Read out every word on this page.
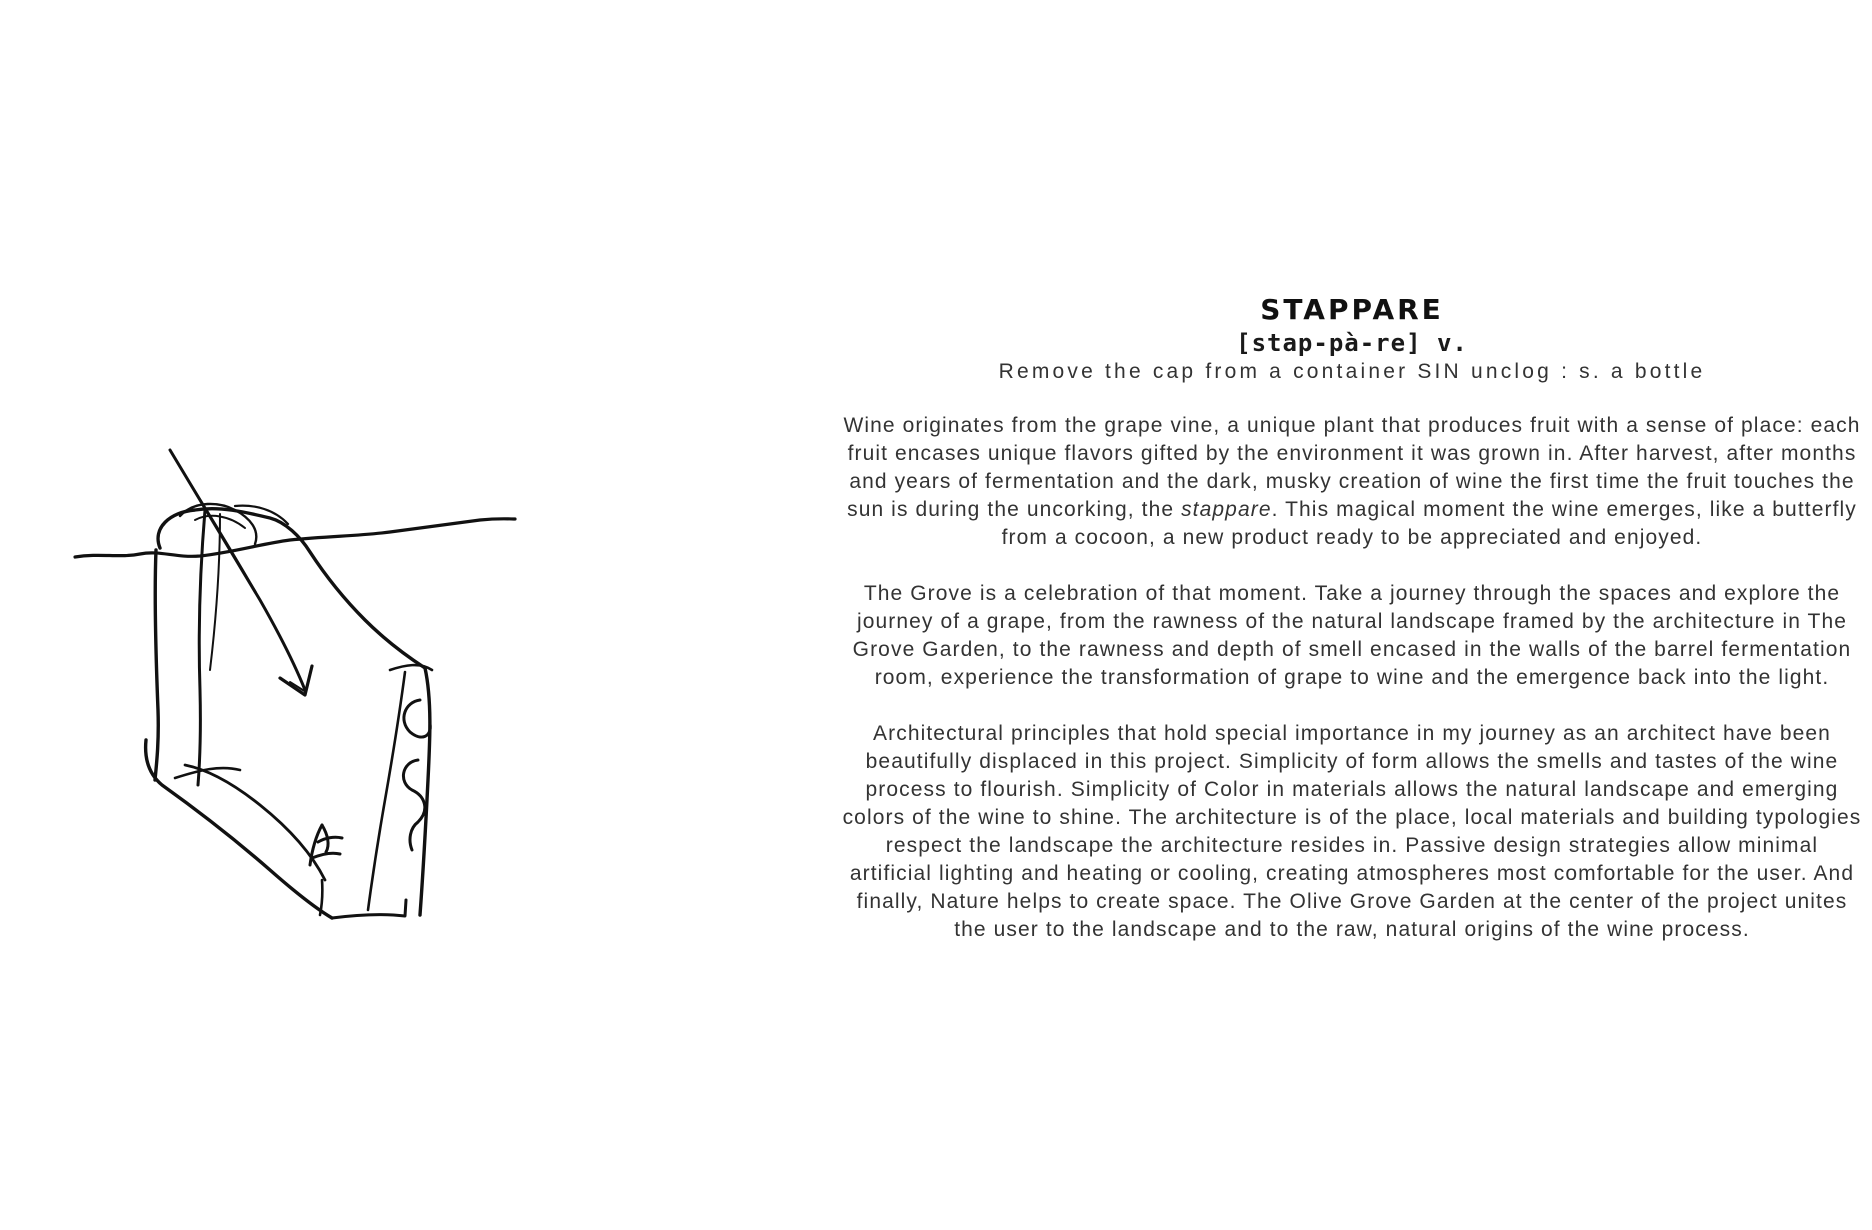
STAPPARE

[stap-pà-re] v.

Remove the cap from a container SIN unclog : s. a bottle

Wine originates from the grape vine, a unique plant that produces fruit with a sense of place: each fruit encases unique flavors gifted by the environment it was grown in. After harvest, after months and years of fermentation and the dark, musky creation of wine the first time the fruit touches the sun is during the uncorking, the stappare. This magical moment the wine emerges, like a butterfly from a cocoon, a new product ready to be appreciated and enjoyed.

The Grove is a celebration of that moment. Take a journey through the spaces and explore the journey of a grape, from the rawness of the natural landscape framed by the architecture in The Grove Garden, to the rawness and depth of smell encased in the walls of the barrel fermentation room, experience the transformation of grape to wine and the emergence back into the light.

Architectural principles that hold special importance in my journey as an architect have been beautifully displaced in this project. Simplicity of form allows the smells and tastes of the wine process to flourish. Simplicity of Color in materials allows the natural landscape and emerging colors of the wine to shine. The architecture is of the place, local materials and building typologies respect the landscape the architecture resides in. Passive design strategies allow minimal artificial lighting and heating or cooling, creating atmospheres most comfortable for the user. And finally, Nature helps to create space. The Olive Grove Garden at the center of the project unites the user to the landscape and to the raw, natural origins of the wine process.
